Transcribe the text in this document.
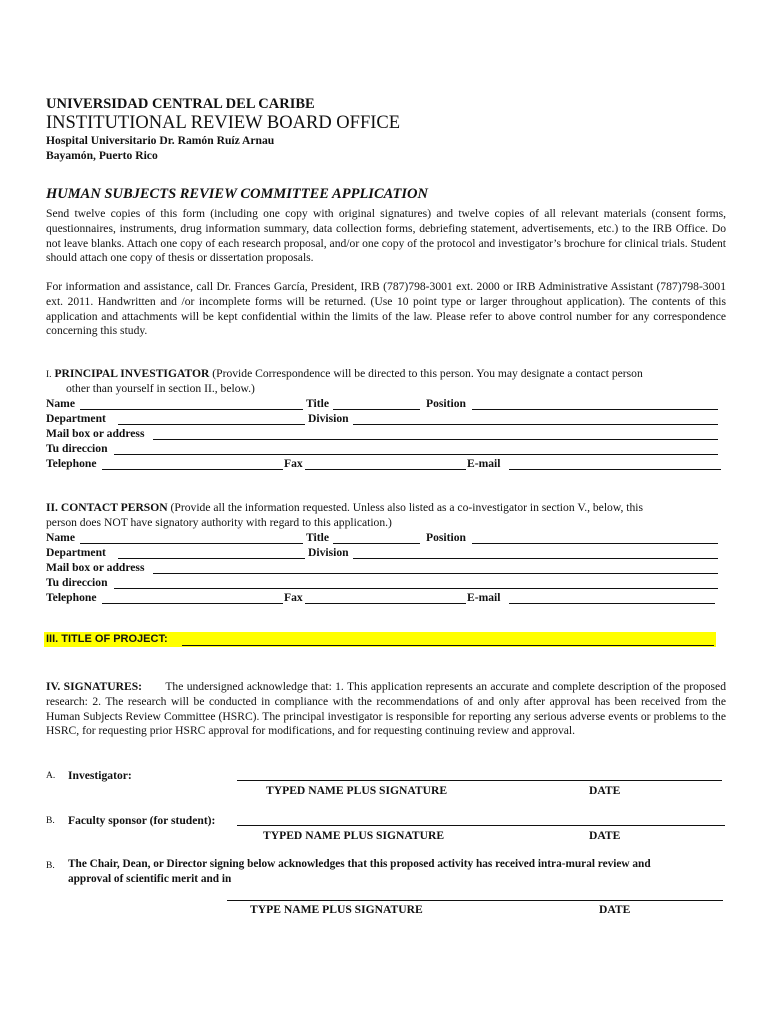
UNIVERSIDAD CENTRAL DEL CARIBE
INSTITUTIONAL REVIEW BOARD OFFICE
Hospital Universitario Dr. Ramón Ruíz Arnau
Bayamón, Puerto Rico
HUMAN SUBJECTS REVIEW COMMITTEE APPLICATION
Send twelve copies of this form (including one copy with original signatures) and twelve copies of all relevant materials (consent forms, questionnaires, instruments, drug information summary, data collection forms, debriefing statement, advertisements, etc.) to the IRB Office. Do not leave blanks. Attach one copy of each research proposal, and/or one copy of the protocol and investigator’s brochure for clinical trials. Student should attach one copy of thesis or dissertation proposals.
For information and assistance, call Dr. Frances García, President, IRB (787)798-3001 ext. 2000 or IRB Administrative Assistant (787)798-3001 ext. 2011. Handwritten and /or incomplete forms will be returned. (Use 10 point type or larger throughout application). The contents of this application and attachments will be kept confidential within the limits of the law. Please refer to above control number for any correspondence concerning this study.
I. PRINCIPAL INVESTIGATOR (Provide Correspondence will be directed to this person. You may designate a contact person
other than yourself in section II., below.)
Name	Title	Position
Department	Division
Mail box or address
Tu direccion
Telephone	Fax	E-mail
II. CONTACT PERSON (Provide all the information requested. Unless also listed as a co-investigator in section V., below, this
person does NOT have signatory authority with regard to this application.)
Name	Title	Position
Department	Division
Mail box or address
Tu direccion
Telephone	Fax	E-mail
III. TITLE OF PROJECT:
IV. SIGNATURES: The undersigned acknowledge that: 1. This application represents an accurate and complete description of the proposed research: 2. The research will be conducted in compliance with the recommendations of and only after approval has been received from the Human Subjects Review Committee (HSRC). The principal investigator is responsible for reporting any serious adverse events or problems to the HSRC, for requesting prior HSRC approval for modifications, and for requesting continuing review and approval.
A. Investigator:
TYPED NAME PLUS SIGNATURE	DATE
B. Faculty sponsor (for student):
TYPED NAME PLUS SIGNATURE	DATE
B. The Chair, Dean, or Director signing below acknowledges that this proposed activity has received intra-mural review and
approval of scientific merit and in
TYPE NAME PLUS SIGNATURE	DATE
